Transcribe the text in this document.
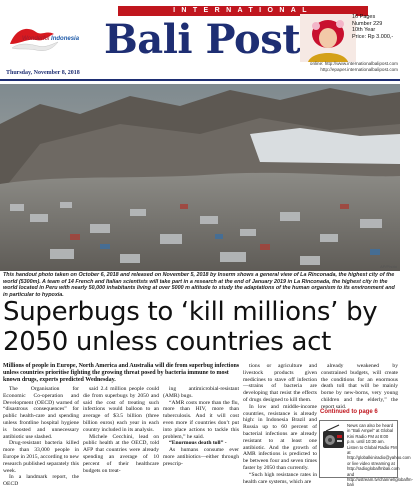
INTERNATIONAL
Wonderful Indonesia Bali Post	16 Pages
Number 229
10th Year
Price: Rp 3.000,-
Thursday, November 8, 2018
online: http://www.internationalbalipost.com
http://epaper.internationalbalipost.com
AP/Photo
This handout photo taken on October 6, 2018 and released on November 5, 2018 by Inserm shows a general view of La Rinconada, the highest city of the world (5300m). A team of 14 French and Italian scientists will take part in a research at the end of January 2019 in La Rinconada, the highest city in the world located in Peru with nearly 50,000 inhabitants living at over 5000 m altitude to study the adaptations of the human organism to its environment and in particular to hypoxia.
Superbugs to ‘kill millions’ by 2050 unless countries act
Millions of people in Europe, North America and Australia will die from superbug infections unless countries prioritise fighting the growing threat posed by bacteria immune to most known drugs, experts predicted Wednesday.

The Organisation for Economic Co-operation and Development (OECD) warned of “disastrous consequences” for public health-care and spending unless frontline hospital hygiene is boosted and unnecessary antibiotic use slashed.

Drug-resistant bacteria killed more than 33,000 people in Europe in 2015, according to new research published separately this week.

In a landmark report, the OECD

said 2.4 million people could die from superbugs by 2050 and said the cost of treating such infections would balloon to an average of $3.5 billion (three billion euros) each year in each country included in its analysis.

Michele Cecchini, lead on public health at the OECD, told AFP that countries were already spending an average of 10 percent of their healthcare budgets on treat-

ing antimicrobial-resistant (AMR) bugs.

“AMR costs more than the flu, more than HIV, more than tuberculosis. And it will cost even more if countries don’t put into place actions to tackle this problem,” he said.

“Enormous death toll” -

As humans consume ever more antibiotics—either through prescrip-

tions or agriculture and livestock products given medicines to stave off infection—strains of bacteria are developing that resist the effects of drugs designed to kill them.

In low and middle-income countries, resistance is already high: in Indonesia Brazil and Russia up to 60 percent of bacterial infections are already resistant to at least one antibiotic. And the growth of AMR infections is predicted to be between four and seven times faster by 2050 than currently.

“Such high resistance rates in health care systems, which are

already weakened by constrained budgets, will create the conditions for an enormous death toll that will be mainly borne by new-borns, very young children and the elderly,” the report said.

Continued to page 6
News can also be heard in “Bali Ampel” at Global Kini Radio FM at 8:00 p.m. until 10:30 am. Listen to Global Radio FM at http://globalkiniradio@yahoo.com or live video streaming at http://radioglobalfmbali.com and http://ustream.tv/channel/globalfm-bali
